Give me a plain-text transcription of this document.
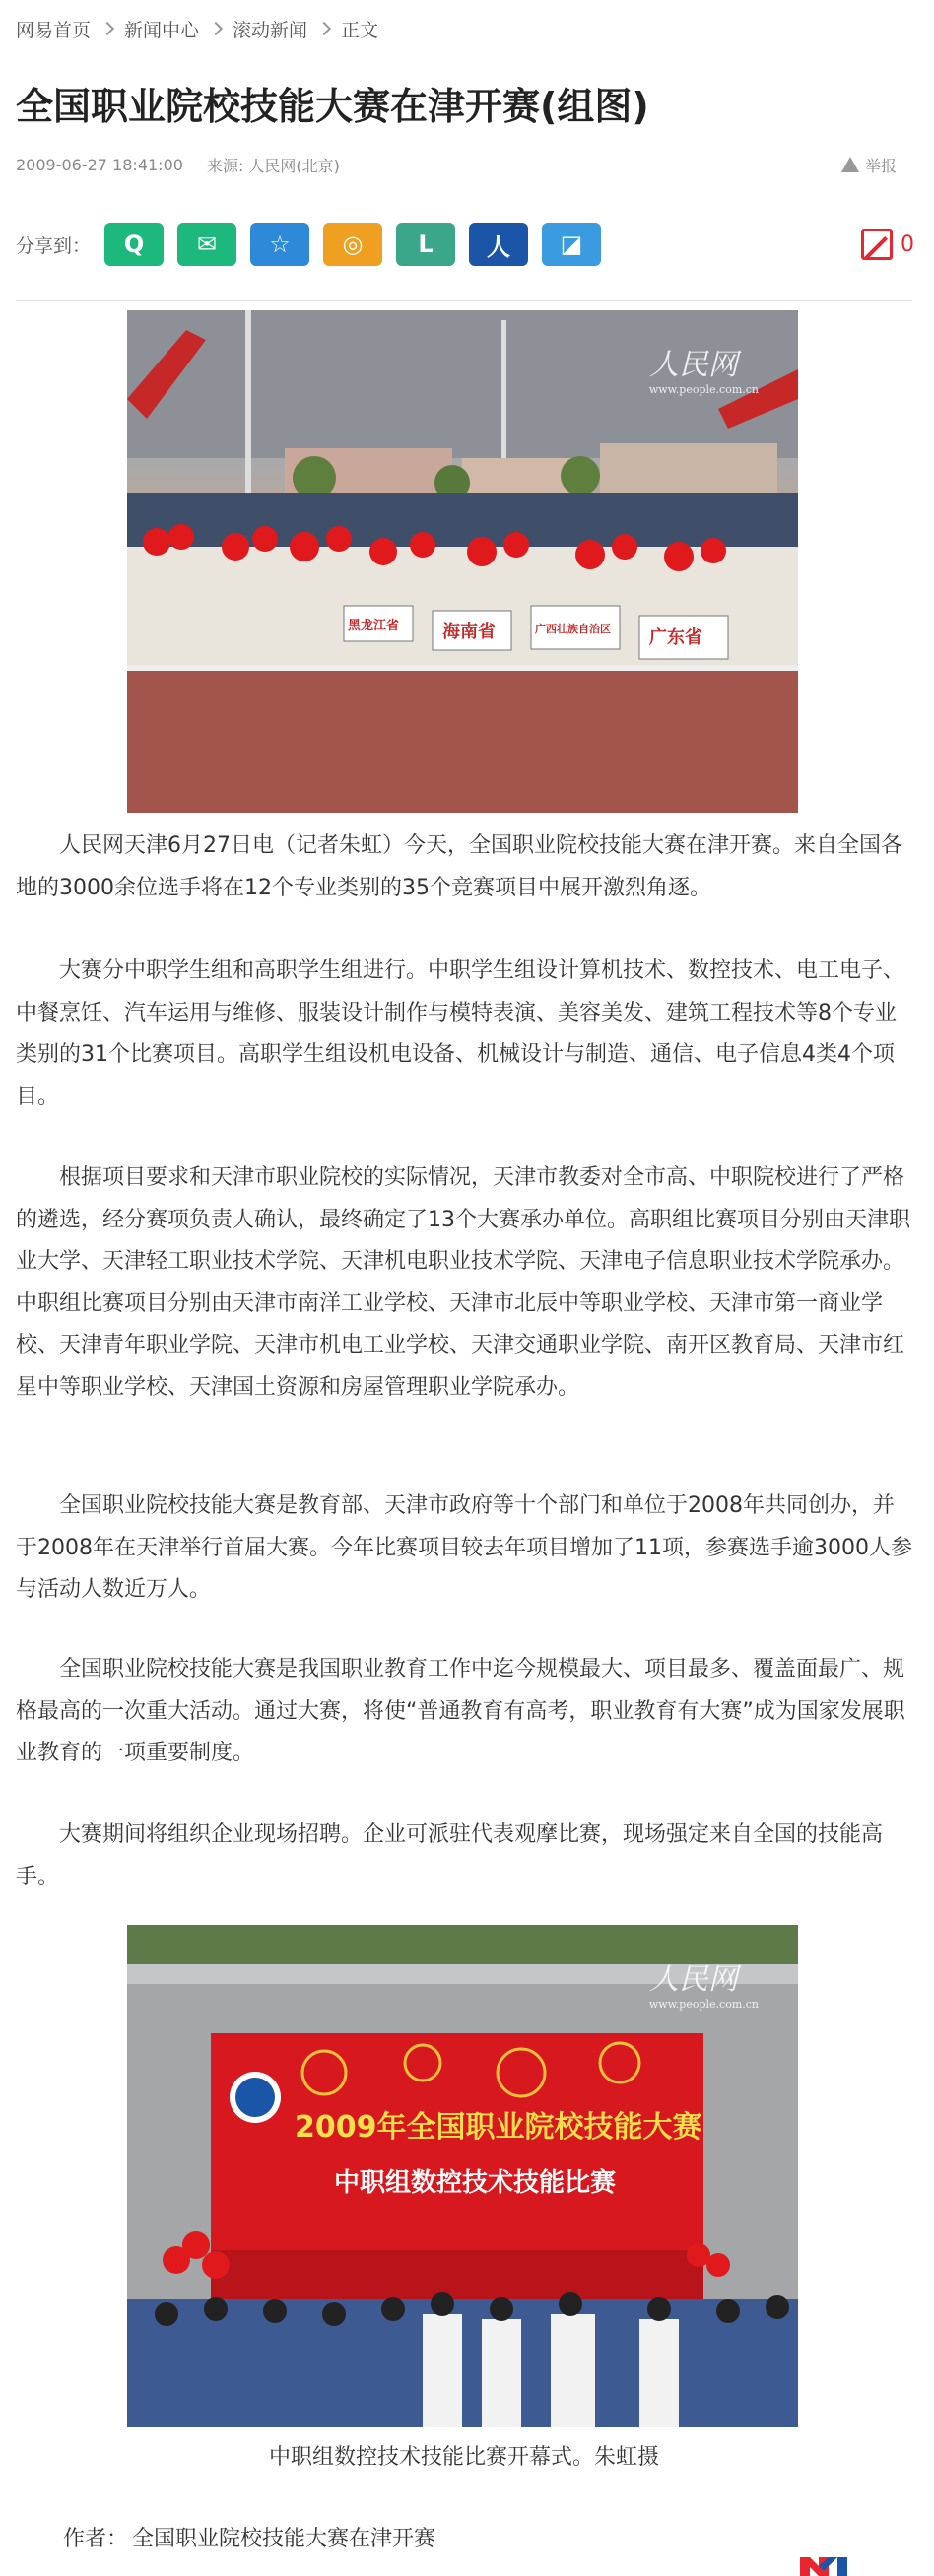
网易首页 新闻中心 滚动新闻 正文
全国职业院校技能大赛在津开赛(组图)
2009-06-27 18:41:00 来源: 人民网(北京)	举报
分享到： Q ✉ ☆ ◎ L 人 ◪	0
海南省	广西壮族自治区 广东省
黑龙江省
人民网
www.people.com.cn

人民网天津6月27日电（记者朱虹）今天，全国职业院校技能大赛在津开赛。来自全国各地的3000余位选手将在12个专业类别的35个竞赛项目中展开激烈角逐。

大赛分中职学生组和高职学生组进行。中职学生组设计算机技术、数控技术、电工电子、中餐烹饪、汽车运用与维修、服装设计制作与模特表演、美容美发、建筑工程技术等8个专业类别的31个比赛项目。高职学生组设机电设备、机械设计与制造、通信、电子信息4类4个项目。

根据项目要求和天津市职业院校的实际情况，天津市教委对全市高、中职院校进行了严格的遴选，经分赛项负责人确认，最终确定了13个大赛承办单位。高职组比赛项目分别由天津职业大学、天津轻工职业技术学院、天津机电职业技术学院、天津电子信息职业技术学院承办。中职组比赛项目分别由天津市南洋工业学校、天津市北辰中等职业学校、天津市第一商业学校、天津青年职业学院、天津市机电工业学校、天津交通职业学院、南开区教育局、天津市红星中等职业学校、天津国土资源和房屋管理职业学院承办。

全国职业院校技能大赛是教育部、天津市政府等十个部门和单位于2008年共同创办，并于2008年在天津举行首届大赛。今年比赛项目较去年项目增加了11项，参赛选手逾3000人参与活动人数近万人。

全国职业院校技能大赛是我国职业教育工作中迄今规模最大、项目最多、覆盖面最广、规格最高的一次重大活动。通过大赛，将使“普通教育有高考，职业教育有大赛”成为国家发展职业教育的一项重要制度。

大赛期间将组织企业现场招聘。企业可派驻代表观摩比赛，现场强定来自全国的技能高手。

2009年全国职业院校技能大赛
中职组数控技术技能比赛
人民网
www.people.com.cn

中职组数控技术技能比赛开幕式。朱虹摄

作者： 全国职业院校技能大赛在津开赛
